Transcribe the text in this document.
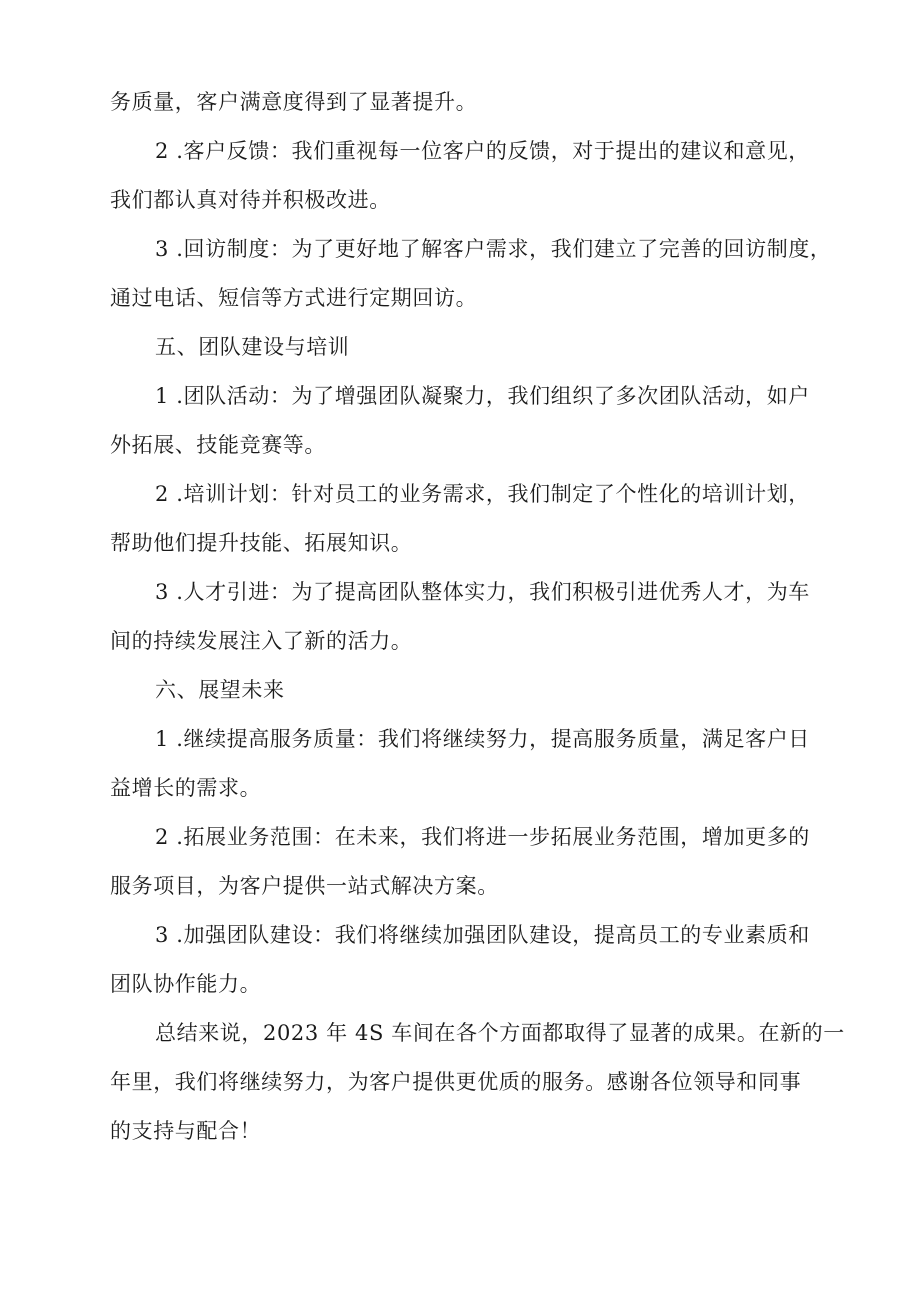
务质量，客户满意度得到了显著提升。
2 .客户反馈：我们重视每一位客户的反馈，对于提出的建议和意见，
我们都认真对待并积极改进。
3 .回访制度：为了更好地了解客户需求，我们建立了完善的回访制度，
通过电话、短信等方式进行定期回访。
五、团队建设与培训
1 .团队活动：为了增强团队凝聚力，我们组织了多次团队活动，如户
外拓展、技能竞赛等。
2 .培训计划：针对员工的业务需求，我们制定了个性化的培训计划，
帮助他们提升技能、拓展知识。
3 .人才引进：为了提高团队整体实力，我们积极引进优秀人才，为车
间的持续发展注入了新的活力。
六、展望未来
1 .继续提高服务质量：我们将继续努力，提高服务质量，满足客户日
益增长的需求。
2 .拓展业务范围：在未来，我们将进一步拓展业务范围，增加更多的
服务项目，为客户提供一站式解决方案。
3 .加强团队建设：我们将继续加强团队建设，提高员工的专业素质和
团队协作能力。
总结来说，2023 年 4S 车间在各个方面都取得了显著的成果。在新的一
年里，我们将继续努力，为客户提供更优质的服务。感谢各位领导和同事
的支持与配合！
